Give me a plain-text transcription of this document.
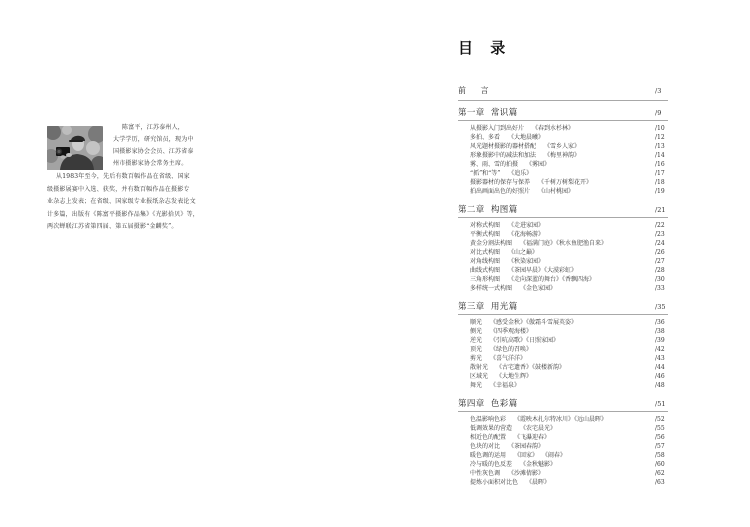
陈富平，江苏泰州人，
大学学历，研究馆员，现为中
国摄影家协会会员、江苏省泰
州市摄影家协会常务主席。
从1983年至今，先后有数百幅作品在省级、国家
级摄影展赛中入选、获奖，并有数百幅作品在摄影专
业杂志上发表；在省级、国家级专业报纸杂志发表论文
计多篇，出版有《陈富平摄影作品集》《光影拾贝》等，
两次蝉联江苏省第四届、第五届摄影“金麟奖”。
目 录
前 言	/3
第一章  常识篇	/9
从摄影入门到出好片 《春到水杉林》	/10
多拍、多看 《大地晨曦》	/12
风光题材摄影的器材搭配 《雪乡人家》	/13
形象摄影中的减法和加法 《梅里神韵》	/14
雾、雨、雪的拍摄 《雾园》	/16
“抓”和“等” 《追乐》	/17
摄影器材的保存与保养 《千树万树梨花开》	/18
拍出画面出色的好照片 《山村桃园》	/19
第二章  构图篇	/21
对称式构图 《走进家园》	/22
平衡式构图 《花海畅游》	/23
黄金分割法构图 《福满门庭》《秋水鱼肥渔自来》	/24
对比式构图 《山之巅》	/26
对角线构图 《秋染家园》	/27
曲线式构图 《茶园早晨》《大漠彩虹》	/28
三角形构图 《走向深蓝的舞台》《香飘四海》	/30
多样统一式构图 《金色家园》	/33
第三章  用光篇	/35
顺光 《感受金秋》《傲霜斗雪展英姿》	/36
侧光 《四季观海楼》	/38
逆光 《引吭高歌》《日照家园》	/39
顶光 《绿色的召唤》	/42
剪光 《喜气洋洋》	/43
散射光 《古宅遗香》《鼓楼新韵》	/44
区域光 《大地生辉》	/46
舞光 《幸福泉》	/48
第四章  色彩篇	/51
色温影响色彩 《霞映木扎尔特冰川》《远山晨晖》	/52
低调效果的营造 《农宅晨光》	/55
相近色的配置 《飞瀑迎春》	/56
色块的对比 《茶园春韵》	/57
暖色调的运用 《回家》  《闹春》	/58
冷与暖的色反差 《金秋魅影》	/60
中性灰色调 《沙滩倩影》	/62
提炼小面积对比色 《晨晖》	/63
